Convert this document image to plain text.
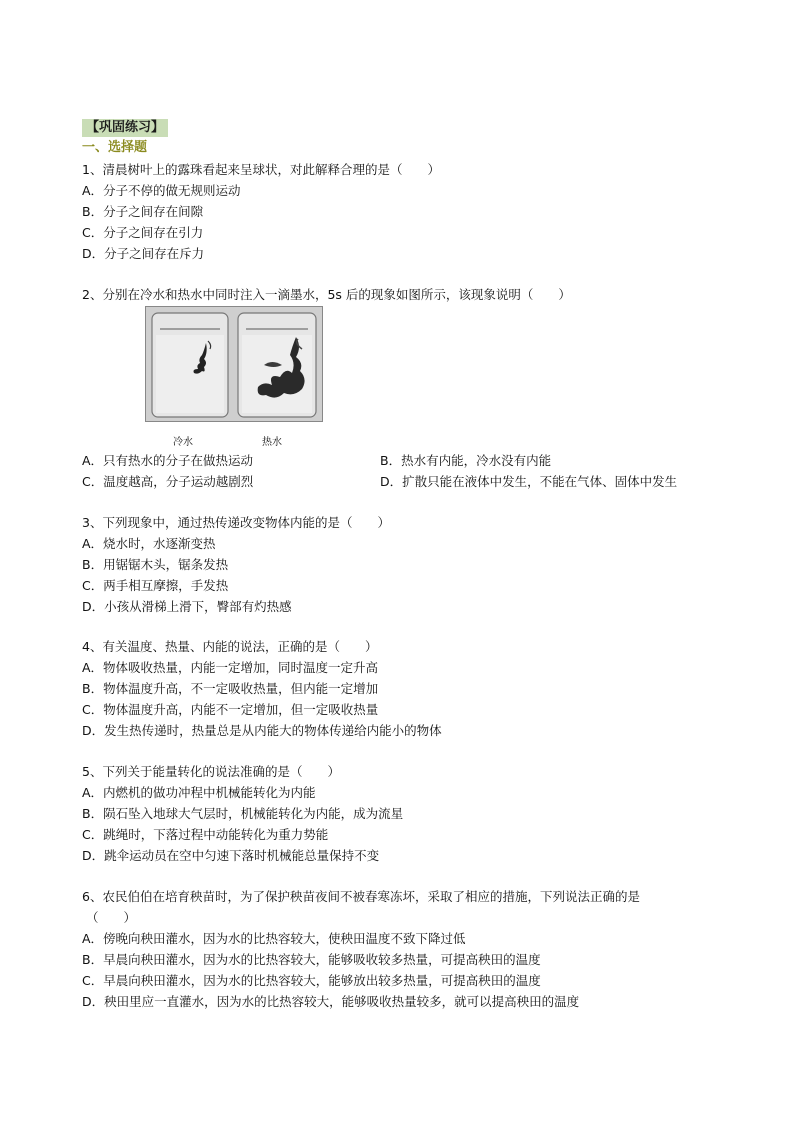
【巩固练习】
一、选择题

1、清晨树叶上的露珠看起来呈球状，对此解释合理的是（　　）

A．分子不停的做无规则运动

B．分子之间存在间隙

C．分子之间存在引力

D．分子之间存在斥力

2、分别在冷水和热水中同时注入一滴墨水，5s 后的现象如图所示，该现象说明（　　）

冷水	热水
A．只有热水的分子在做热运动	B．热水有内能，冷水没有内能
C．温度越高，分子运动越剧烈	D．扩散只能在液体中发生，不能在气体、固体中发生

3、下列现象中，通过热传递改变物体内能的是（　　）

A．烧水时，水逐渐变热

B．用锯锯木头，锯条发热

C．两手相互摩擦，手发热

D．小孩从滑梯上滑下，臀部有灼热感

4、有关温度、热量、内能的说法，正确的是（　　）

A．物体吸收热量，内能一定增加，同时温度一定升高

B．物体温度升高，不一定吸收热量，但内能一定增加

C．物体温度升高，内能不一定增加，但一定吸收热量

D．发生热传递时，热量总是从内能大的物体传递给内能小的物体

5、下列关于能量转化的说法准确的是（　　）

A．内燃机的做功冲程中机械能转化为内能

B．陨石坠入地球大气层时，机械能转化为内能，成为流星

C．跳绳时，下落过程中动能转化为重力势能

D．跳伞运动员在空中匀速下落时机械能总量保持不变

6、农民伯伯在培育秧苗时，为了保护秧苗夜间不被春寒冻坏，采取了相应的措施，下列说法正确的是

（　　）

A．傍晚向秧田灌水，因为水的比热容较大，使秧田温度不致下降过低

B．早晨向秧田灌水，因为水的比热容较大，能够吸收较多热量，可提高秧田的温度

C．早晨向秧田灌水，因为水的比热容较大，能够放出较多热量，可提高秧田的温度

D．秧田里应一直灌水，因为水的比热容较大，能够吸收热量较多，就可以提高秧田的温度
